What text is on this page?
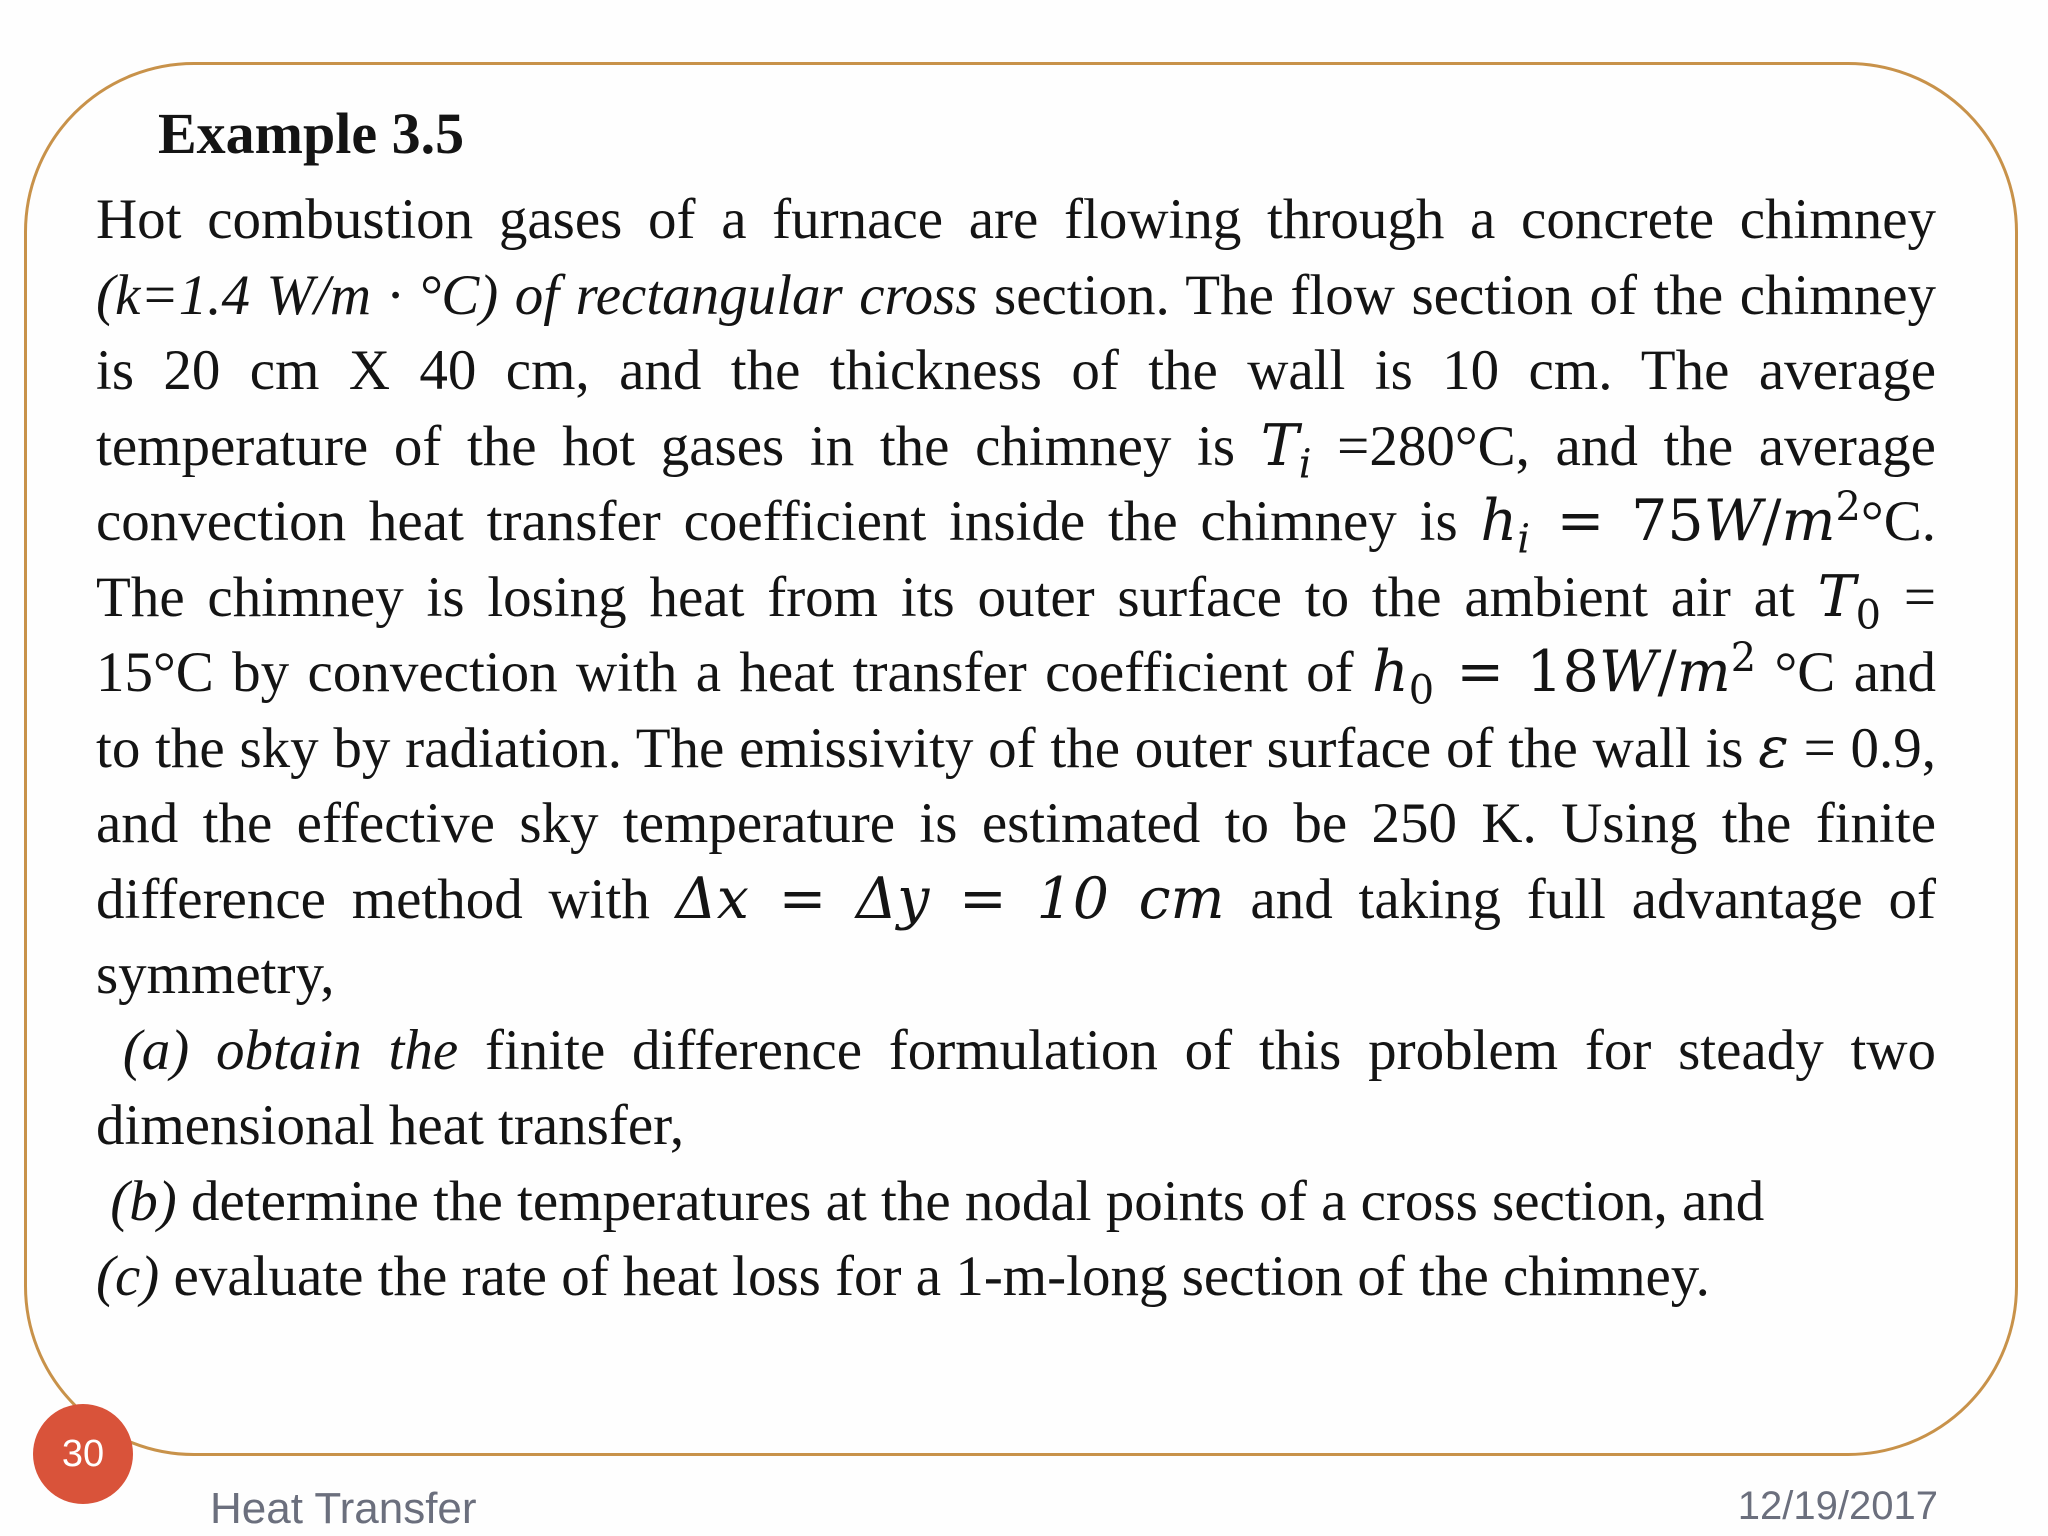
Example 3.5

Hot combustion gases of a furnace are flowing through a concrete chimney (k=1.4 W/m · °C) of rectangular cross section. The flow section of the chimney is 20 cm X 40 cm, and the thickness of the wall is 10 cm. The average temperature of the hot gases in the chimney is $T_i =280^\circ C$, and the average convection heat transfer coefficient inside the chimney is $h_i = 75W/m^2^\circ C$. The chimney is losing heat from its outer surface to the ambient air at $T_0 = 15^\circ C$ by convection with a heat transfer coefficient of $h_0 = 18W/m^2$ °C and to the sky by radiation. The emissivity of the outer surface of the wall is ε = 0.9, and the effective sky temperature is estimated to be 250 K. Using the finite difference method with Δx = Δy = 10 cm and taking full advantage of symmetry,

(a) obtain the finite difference formulation of this problem for steady two dimensional heat transfer,

(b) determine the temperatures at the nodal points of a cross section, and

(c) evaluate the rate of heat loss for a 1-m-long section of the chimney.

30
Heat Transfer	12/19/2017
